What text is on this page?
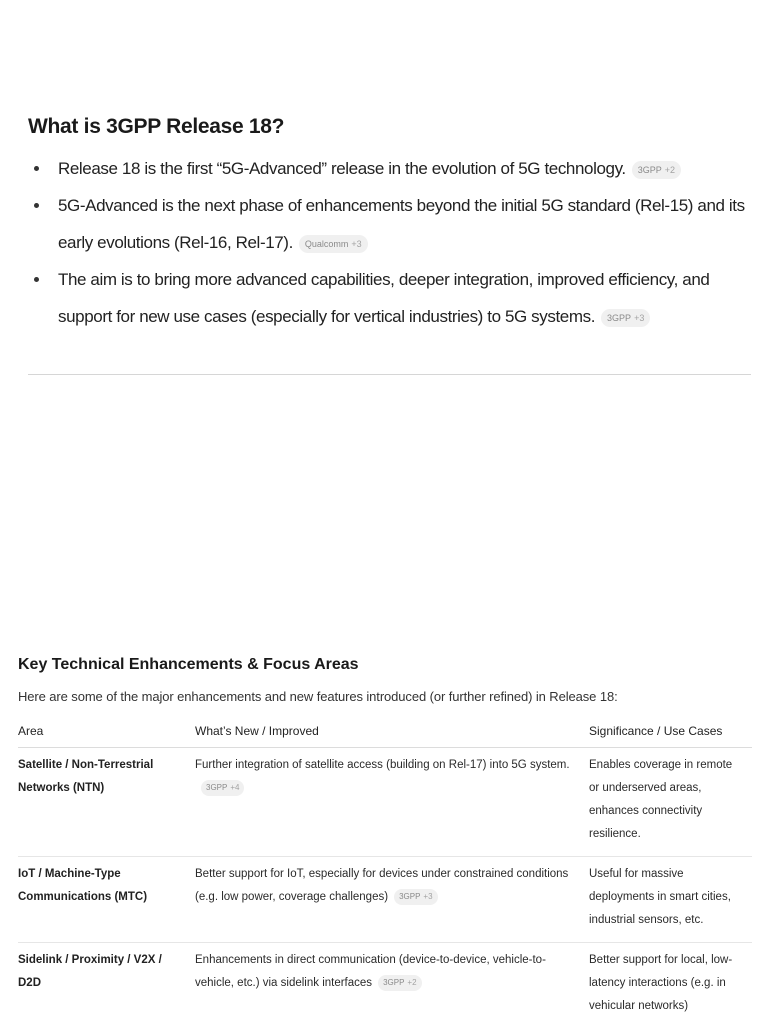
What is 3GPP Release 18?
Release 18 is the first “5G-Advanced” release in the evolution of 5G technology. 3GPP +2
5G-Advanced is the next phase of enhancements beyond the initial 5G standard (Rel-15) and its early evolutions (Rel-16, Rel-17). Qualcomm +3
The aim is to bring more advanced capabilities, deeper integration, improved efficiency, and support for new use cases (especially for vertical industries) to 5G systems. 3GPP +3
Key Technical Enhancements & Focus Areas

Here are some of the major enhancements and new features introduced (or further refined) in Release 18:

Area	What’s New / Improved	Significance / Use Cases
Satellite / Non-Terrestrial Networks (NTN)	Further integration of satellite access (building on Rel-17) into 5G system.3GPP +4	Enables coverage in remote or underserved areas, enhances connectivity resilience.
IoT / Machine-Type Communications (MTC)	Better support for IoT, especially for devices under constrained conditions (e.g. low power, coverage challenges) 3GPP +3	Useful for massive deployments in smart cities, industrial sensors, etc.
Sidelink / Proximity / V2X / D2D	Enhancements in direct communication (device-to-device, vehicle-to-vehicle, etc.) via sidelink interfaces 3GPP +2	Better support for local, low-latency interactions (e.g. in vehicular networks)
